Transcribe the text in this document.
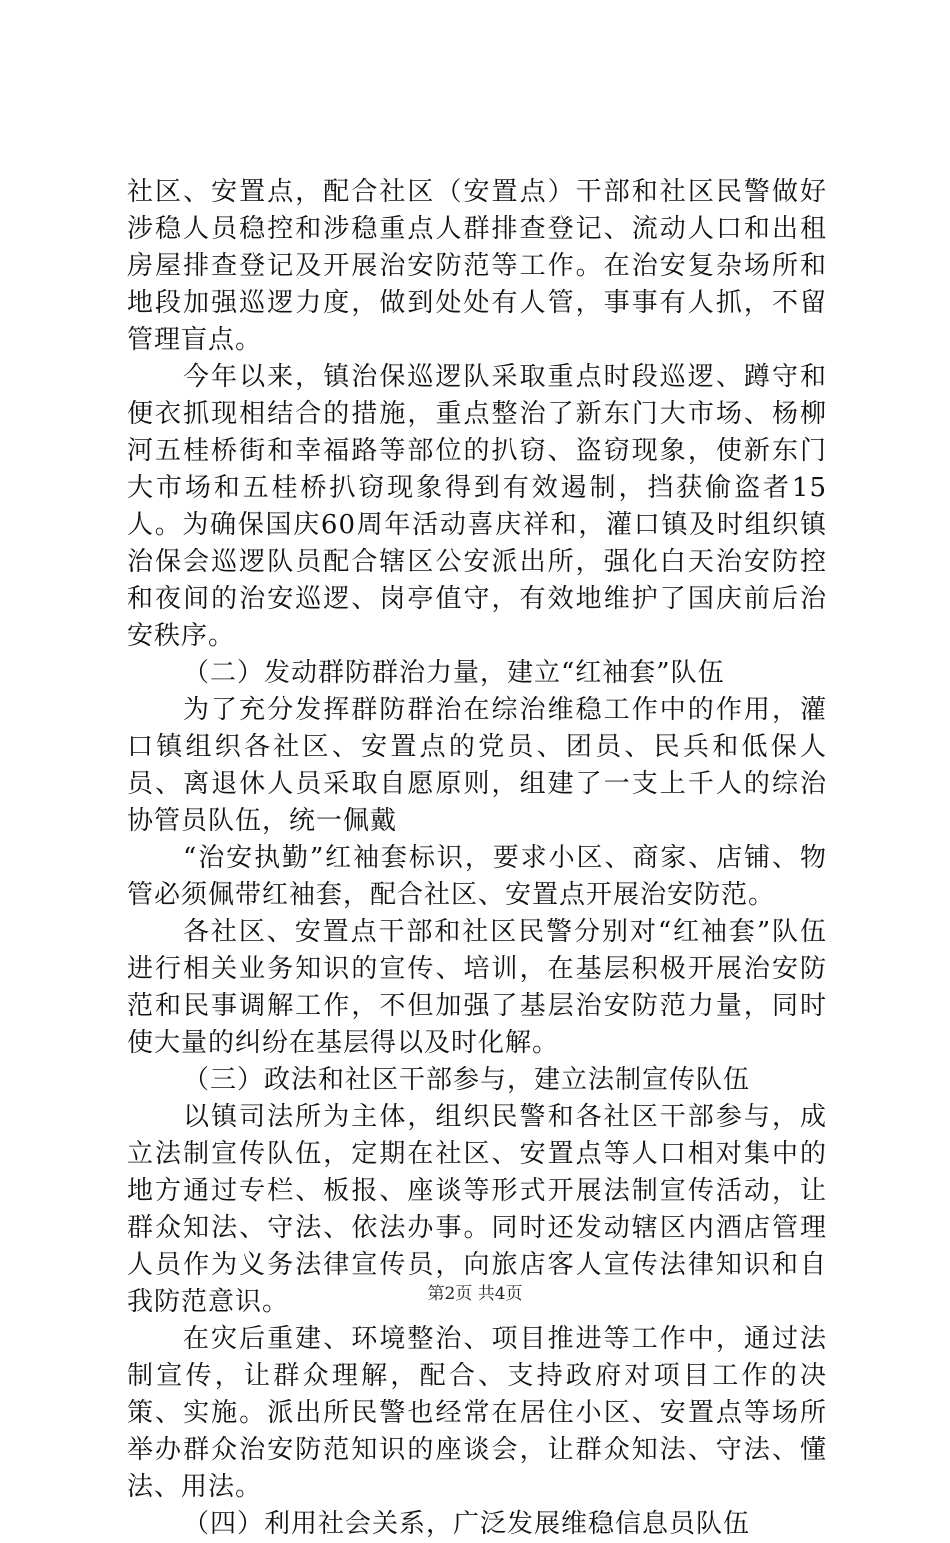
社区、安置点，配合社区（安置点）干部和社区民警做好涉稳人员稳控和涉稳重点人群排查登记、流动人口和出租房屋排查登记及开展治安防范等工作。在治安复杂场所和地段加强巡逻力度，做到处处有人管，事事有人抓，不留管理盲点。

今年以来，镇治保巡逻队采取重点时段巡逻、蹲守和便衣抓现相结合的措施，重点整治了新东门大市场、杨柳河五桂桥街和幸福路等部位的扒窃、盗窃现象，使新东门大市场和五桂桥扒窃现象得到有效遏制，挡获偷盗者15人。为确保国庆60周年活动喜庆祥和，灌口镇及时组织镇治保会巡逻队员配合辖区公安派出所，强化白天治安防控和夜间的治安巡逻、岗亭值守，有效地维护了国庆前后治安秩序。

（二）发动群防群治力量，建立“红袖套”队伍

为了充分发挥群防群治在综治维稳工作中的作用，灌口镇组织各社区、安置点的党员、团员、民兵和低保人员、离退休人员采取自愿原则，组建了一支上千人的综治协管员队伍，统一佩戴

“治安执勤”红袖套标识，要求小区、商家、店铺、物管必须佩带红袖套，配合社区、安置点开展治安防范。

各社区、安置点干部和社区民警分别对“红袖套”队伍进行相关业务知识的宣传、培训，在基层积极开展治安防范和民事调解工作，不但加强了基层治安防范力量，同时使大量的纠纷在基层得以及时化解。

（三）政法和社区干部参与，建立法制宣传队伍

以镇司法所为主体，组织民警和各社区干部参与，成立法制宣传队伍，定期在社区、安置点等人口相对集中的地方通过专栏、板报、座谈等形式开展法制宣传活动，让群众知法、守法、依法办事。同时还发动辖区内酒店管理人员作为义务法律宣传员，向旅店客人宣传法律知识和自我防范意识。

在灾后重建、环境整治、项目推进等工作中，通过法制宣传，让群众理解，配合、支持政府对项目工作的决策、实施。派出所民警也经常在居住小区、安置点等场所举办群众治安防范知识的座谈会，让群众知法、守法、懂法、用法。

（四）利用社会关系，广泛发展维稳信息员队伍

第2页 共4页
